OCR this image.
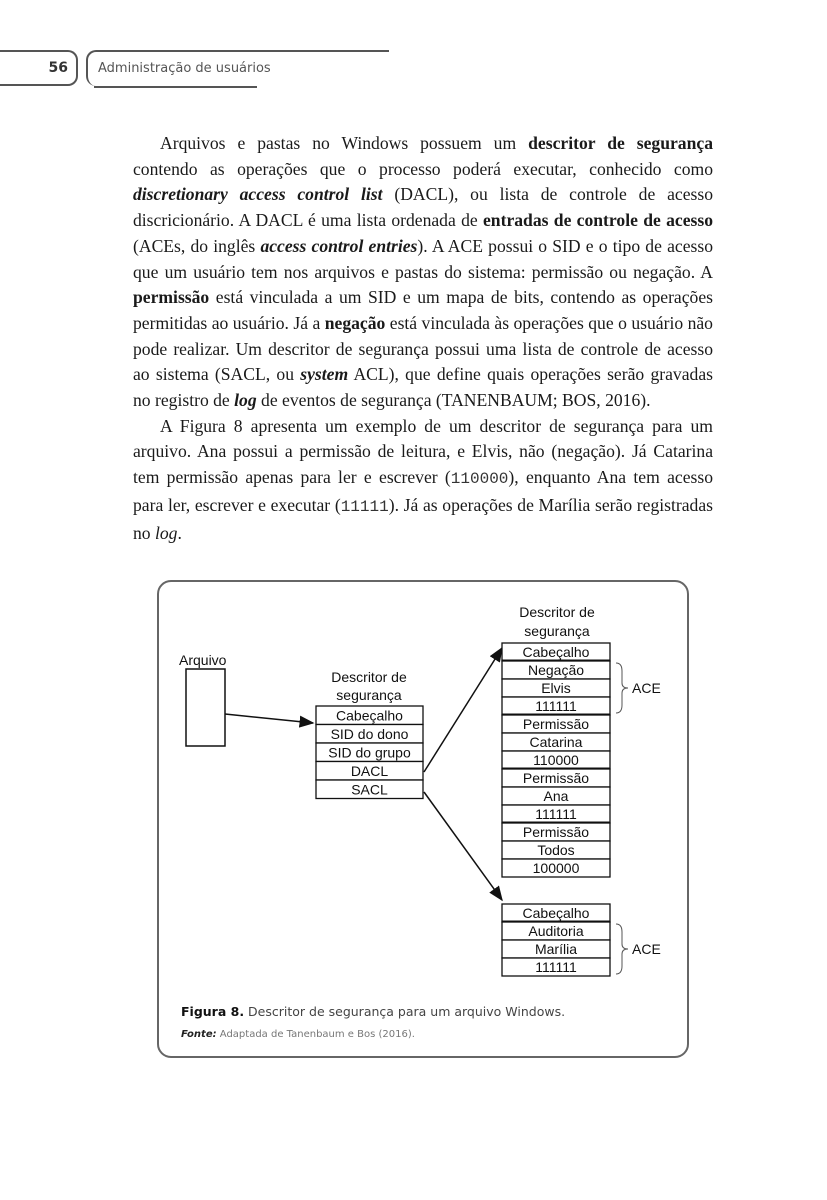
56 Administração de usuários

Arquivos e pastas no Windows possuem um descritor de segurança contendo as operações que o processo poderá executar, conhecido como discretionary access control list (DACL), ou lista de controle de acesso discricionário. A DACL é uma lista ordenada de entradas de controle de acesso (ACEs, do inglês access control entries). A ACE possui o SID e o tipo de acesso que um usuário tem nos arquivos e pastas do sistema: permissão ou negação. A permissão está vinculada a um SID e um mapa de bits, contendo as operações permitidas ao usuário. Já a negação está vinculada às operações que o usuário não pode realizar. Um descritor de segurança possui uma lista de controle de acesso ao sistema (SACL, ou system ACL), que define quais operações serão gravadas no registro de log de eventos de segurança (TANENBAUM; BOS, 2016).

A Figura 8 apresenta um exemplo de um descritor de segurança para um arquivo. Ana possui a permissão de leitura, e Elvis, não (negação). Já Catarina tem permissão apenas para ler e escrever (110000), enquanto Ana tem acesso para ler, escrever e executar (11111). Já as operações de Marília serão registradas no log.

Arquivo
Descritor de
segurança
Cabeçalho
SID do dono
SID do grupo
DACL
SACL
Descritor de
segurança
Cabeçalho
Negação
Elvis
111111
ACE
Permissão
Catarina
110000
Permissão
Ana
111111
Permissão
Todos
100000
Cabeçalho
Auditoria
Marília
111111
ACE
Figura 8. Descritor de segurança para um arquivo Windows.
Fonte: Adaptada de Tanenbaum e Bos (2016).
